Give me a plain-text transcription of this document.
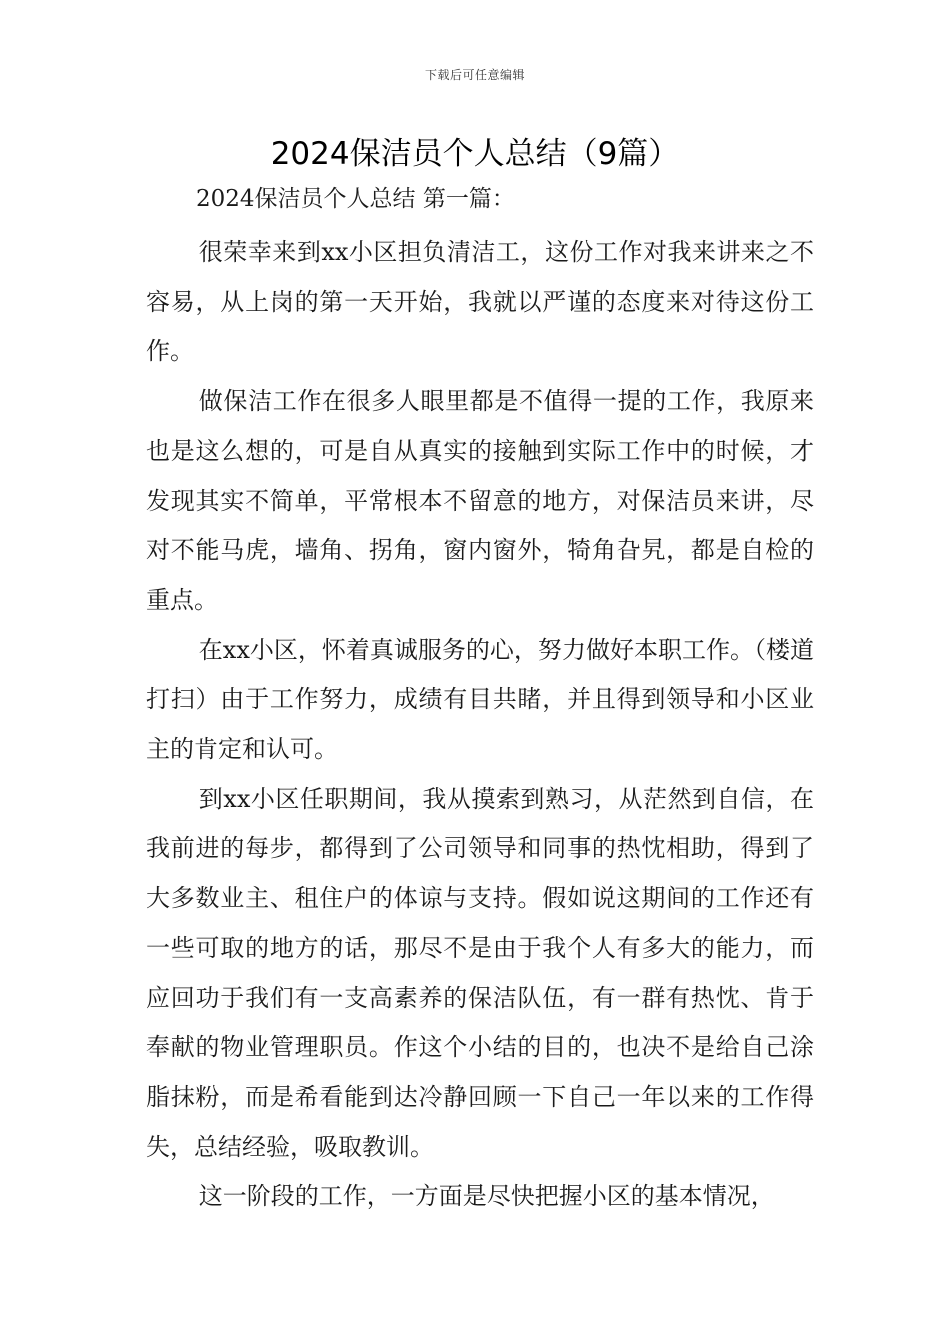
下载后可任意编辑
2024保洁员个人总结（9篇）
2024保洁员个人总结 第一篇：

很荣幸来到xx小区担负清洁工，这份工作对我来讲来之不容易，从上岗的第一天开始，我就以严谨的态度来对待这份工作。

做保洁工作在很多人眼里都是不值得一提的工作，我原来也是这么想的，可是自从真实的接触到实际工作中的时候，才发现其实不简单，平常根本不留意的地方，对保洁员来讲，尽对不能马虎，墙角、拐角，窗内窗外，犄角旮旯，都是自检的重点。

在xx小区，怀着真诚服务的心，努力做好本职工作。（楼道打扫）由于工作努力，成绩有目共睹，并且得到领导和小区业主的肯定和认可。

到xx小区任职期间，我从摸索到熟习，从茫然到自信，在我前进的每步，都得到了公司领导和同事的热忱相助，得到了大多数业主、租住户的体谅与支持。假如说这期间的工作还有一些可取的地方的话，那尽不是由于我个人有多大的能力，而应回功于我们有一支高素养的保洁队伍，有一群有热忱、肯于奉献的物业管理职员。作这个小结的目的，也决不是给自己涂脂抹粉，而是希看能到达冷静回顾一下自己一年以来的工作得失，总结经验，吸取教训。

这一阶段的工作，一方面是尽快把握小区的基本情况，
